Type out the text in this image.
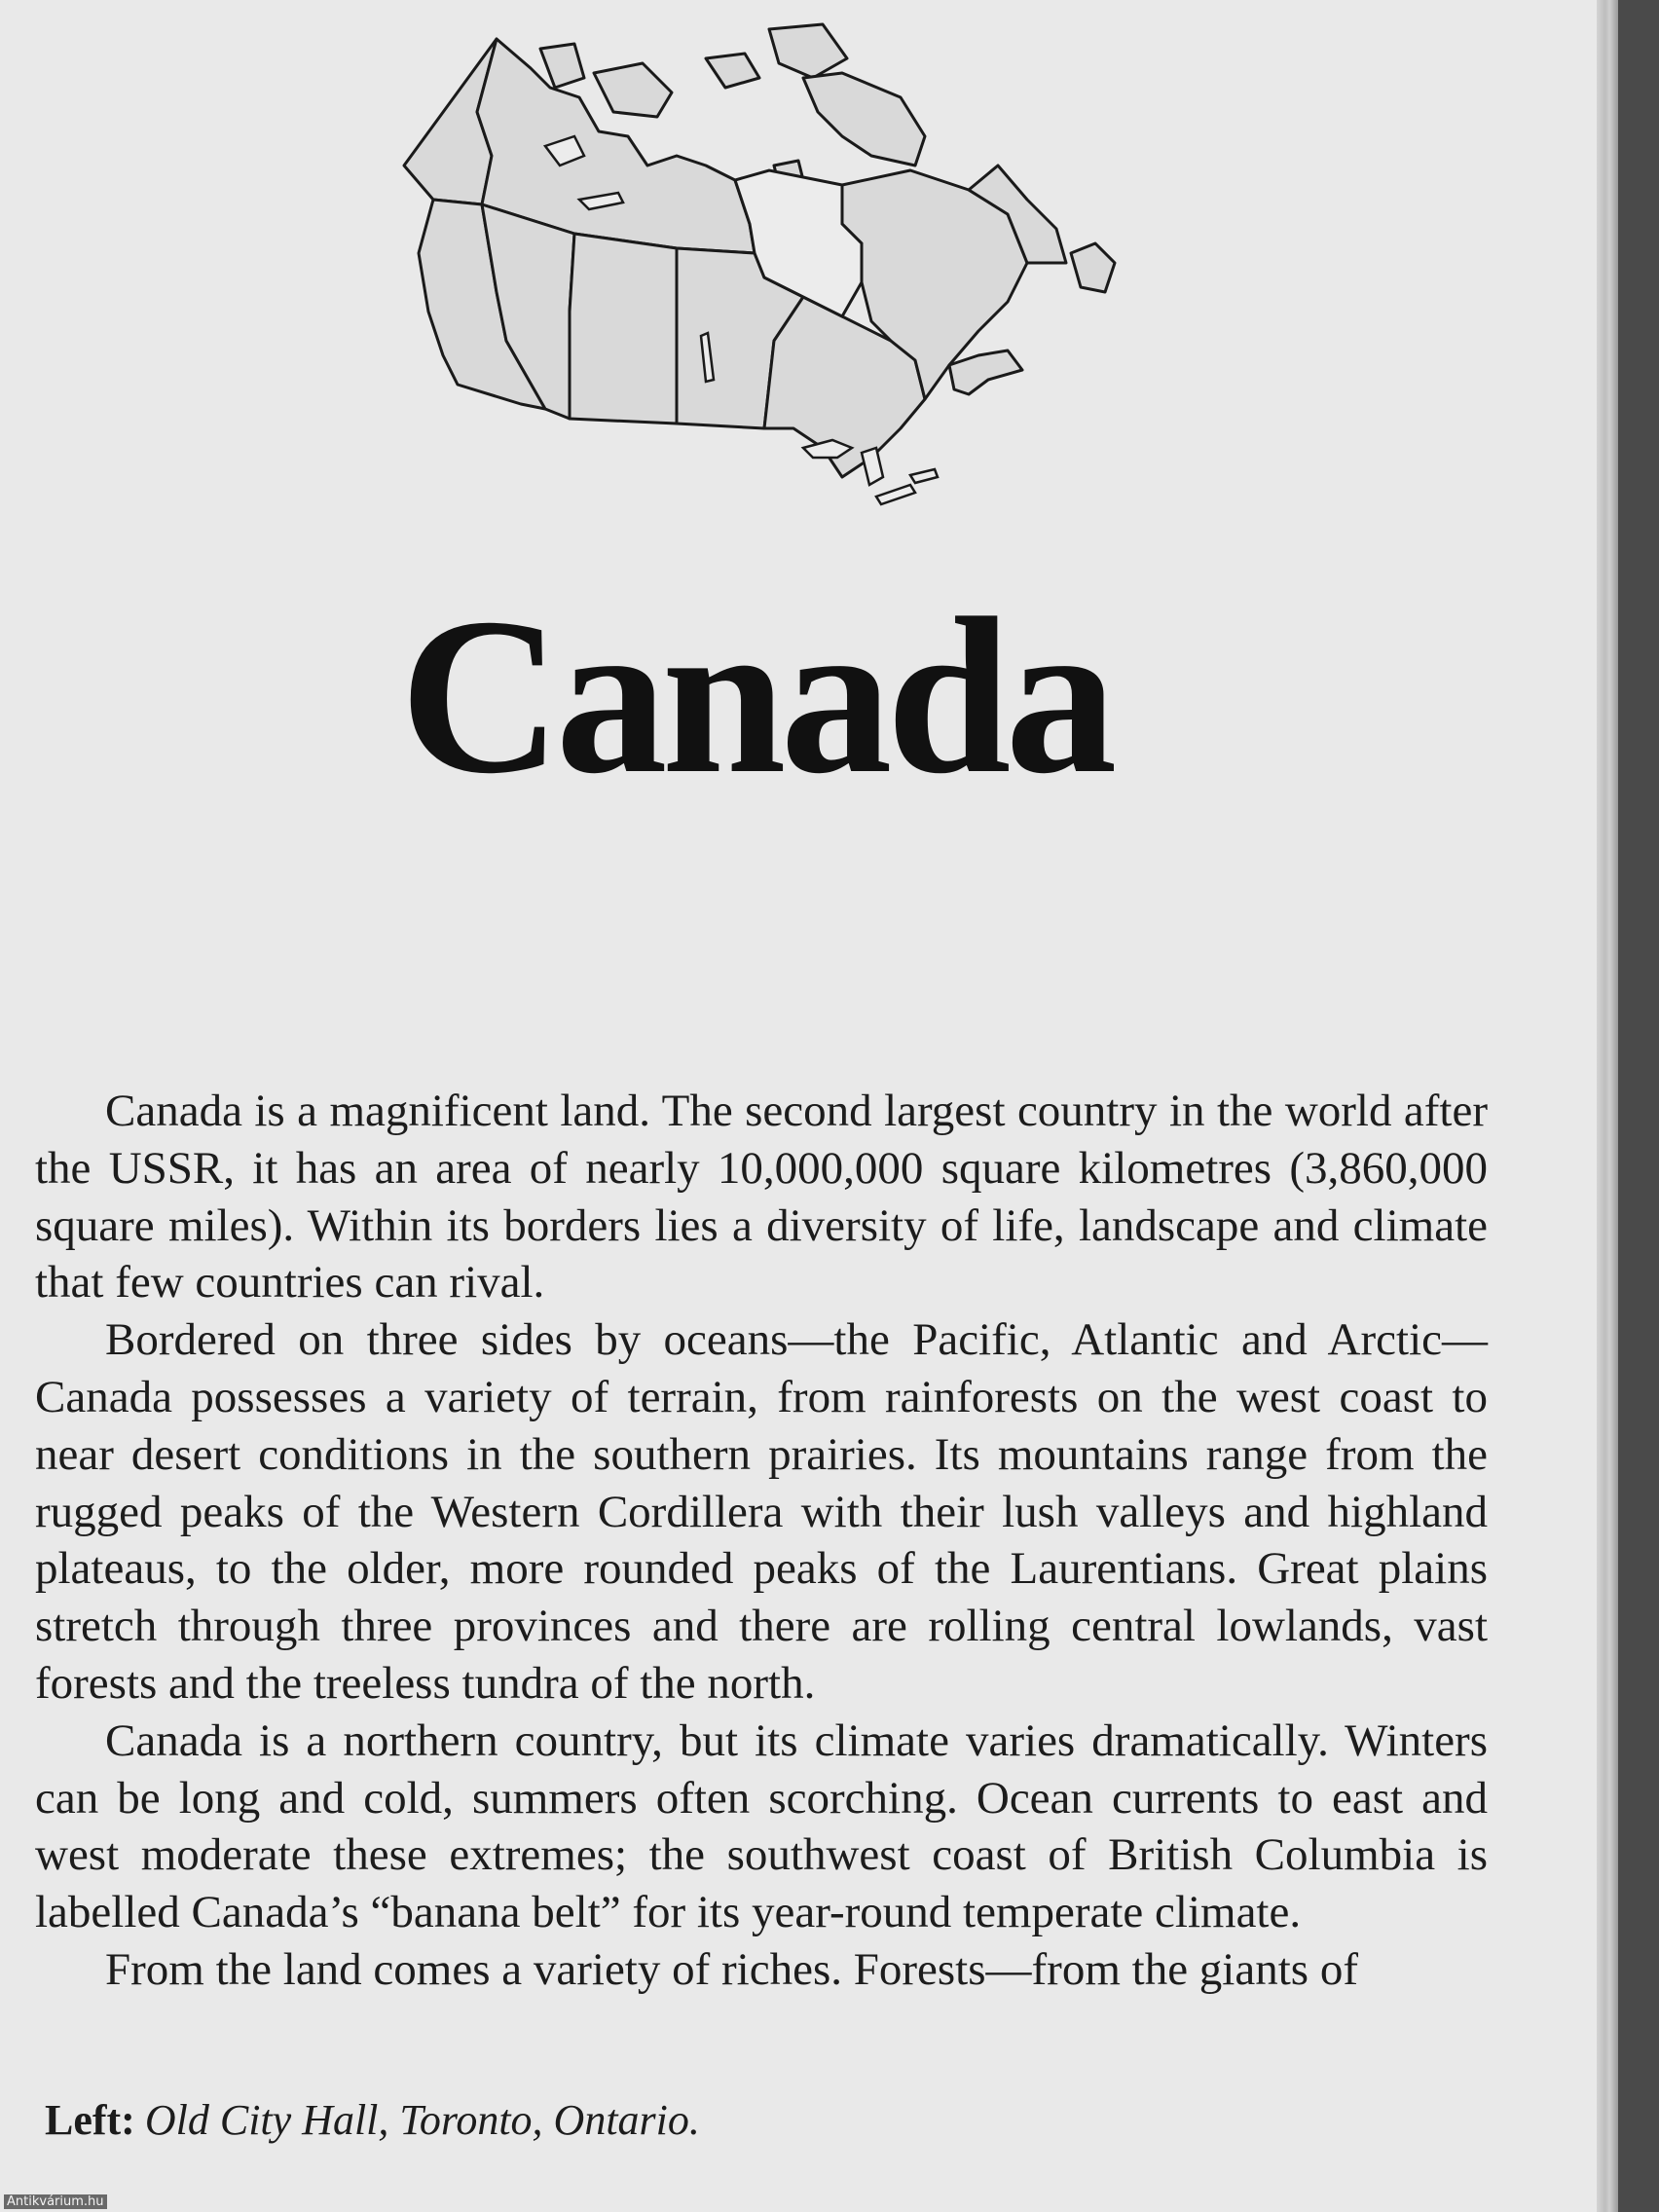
Canada

Canada is a magnificent land. The second largest country in the world after the USSR, it has an area of nearly 10,000,000 square kilometres (3,860,000 square miles). Within its borders lies a diversity of life, landscape and climate that few countries can rival.

Bordered on three sides by oceans—the Pacific, Atlantic and Arctic—Canada possesses a variety of terrain, from rainforests on the west coast to near desert conditions in the southern prairies. Its mountains range from the rugged peaks of the Western Cordillera with their lush valleys and highland plateaus, to the older, more rounded peaks of the Laurentians. Great plains stretch through three provinces and there are rolling central lowlands, vast forests and the treeless tundra of the north.

Canada is a northern country, but its climate varies dramatically. Winters can be long and cold, summers often scorching. Ocean currents to east and west moderate these extremes; the southwest coast of British Columbia is labelled Canada’s “banana belt” for its year-round temperate climate.

From the land comes a variety of riches. Forests—from the giants of

Left: Old City Hall, Toronto, Ontario.
Antikvárium.hu
